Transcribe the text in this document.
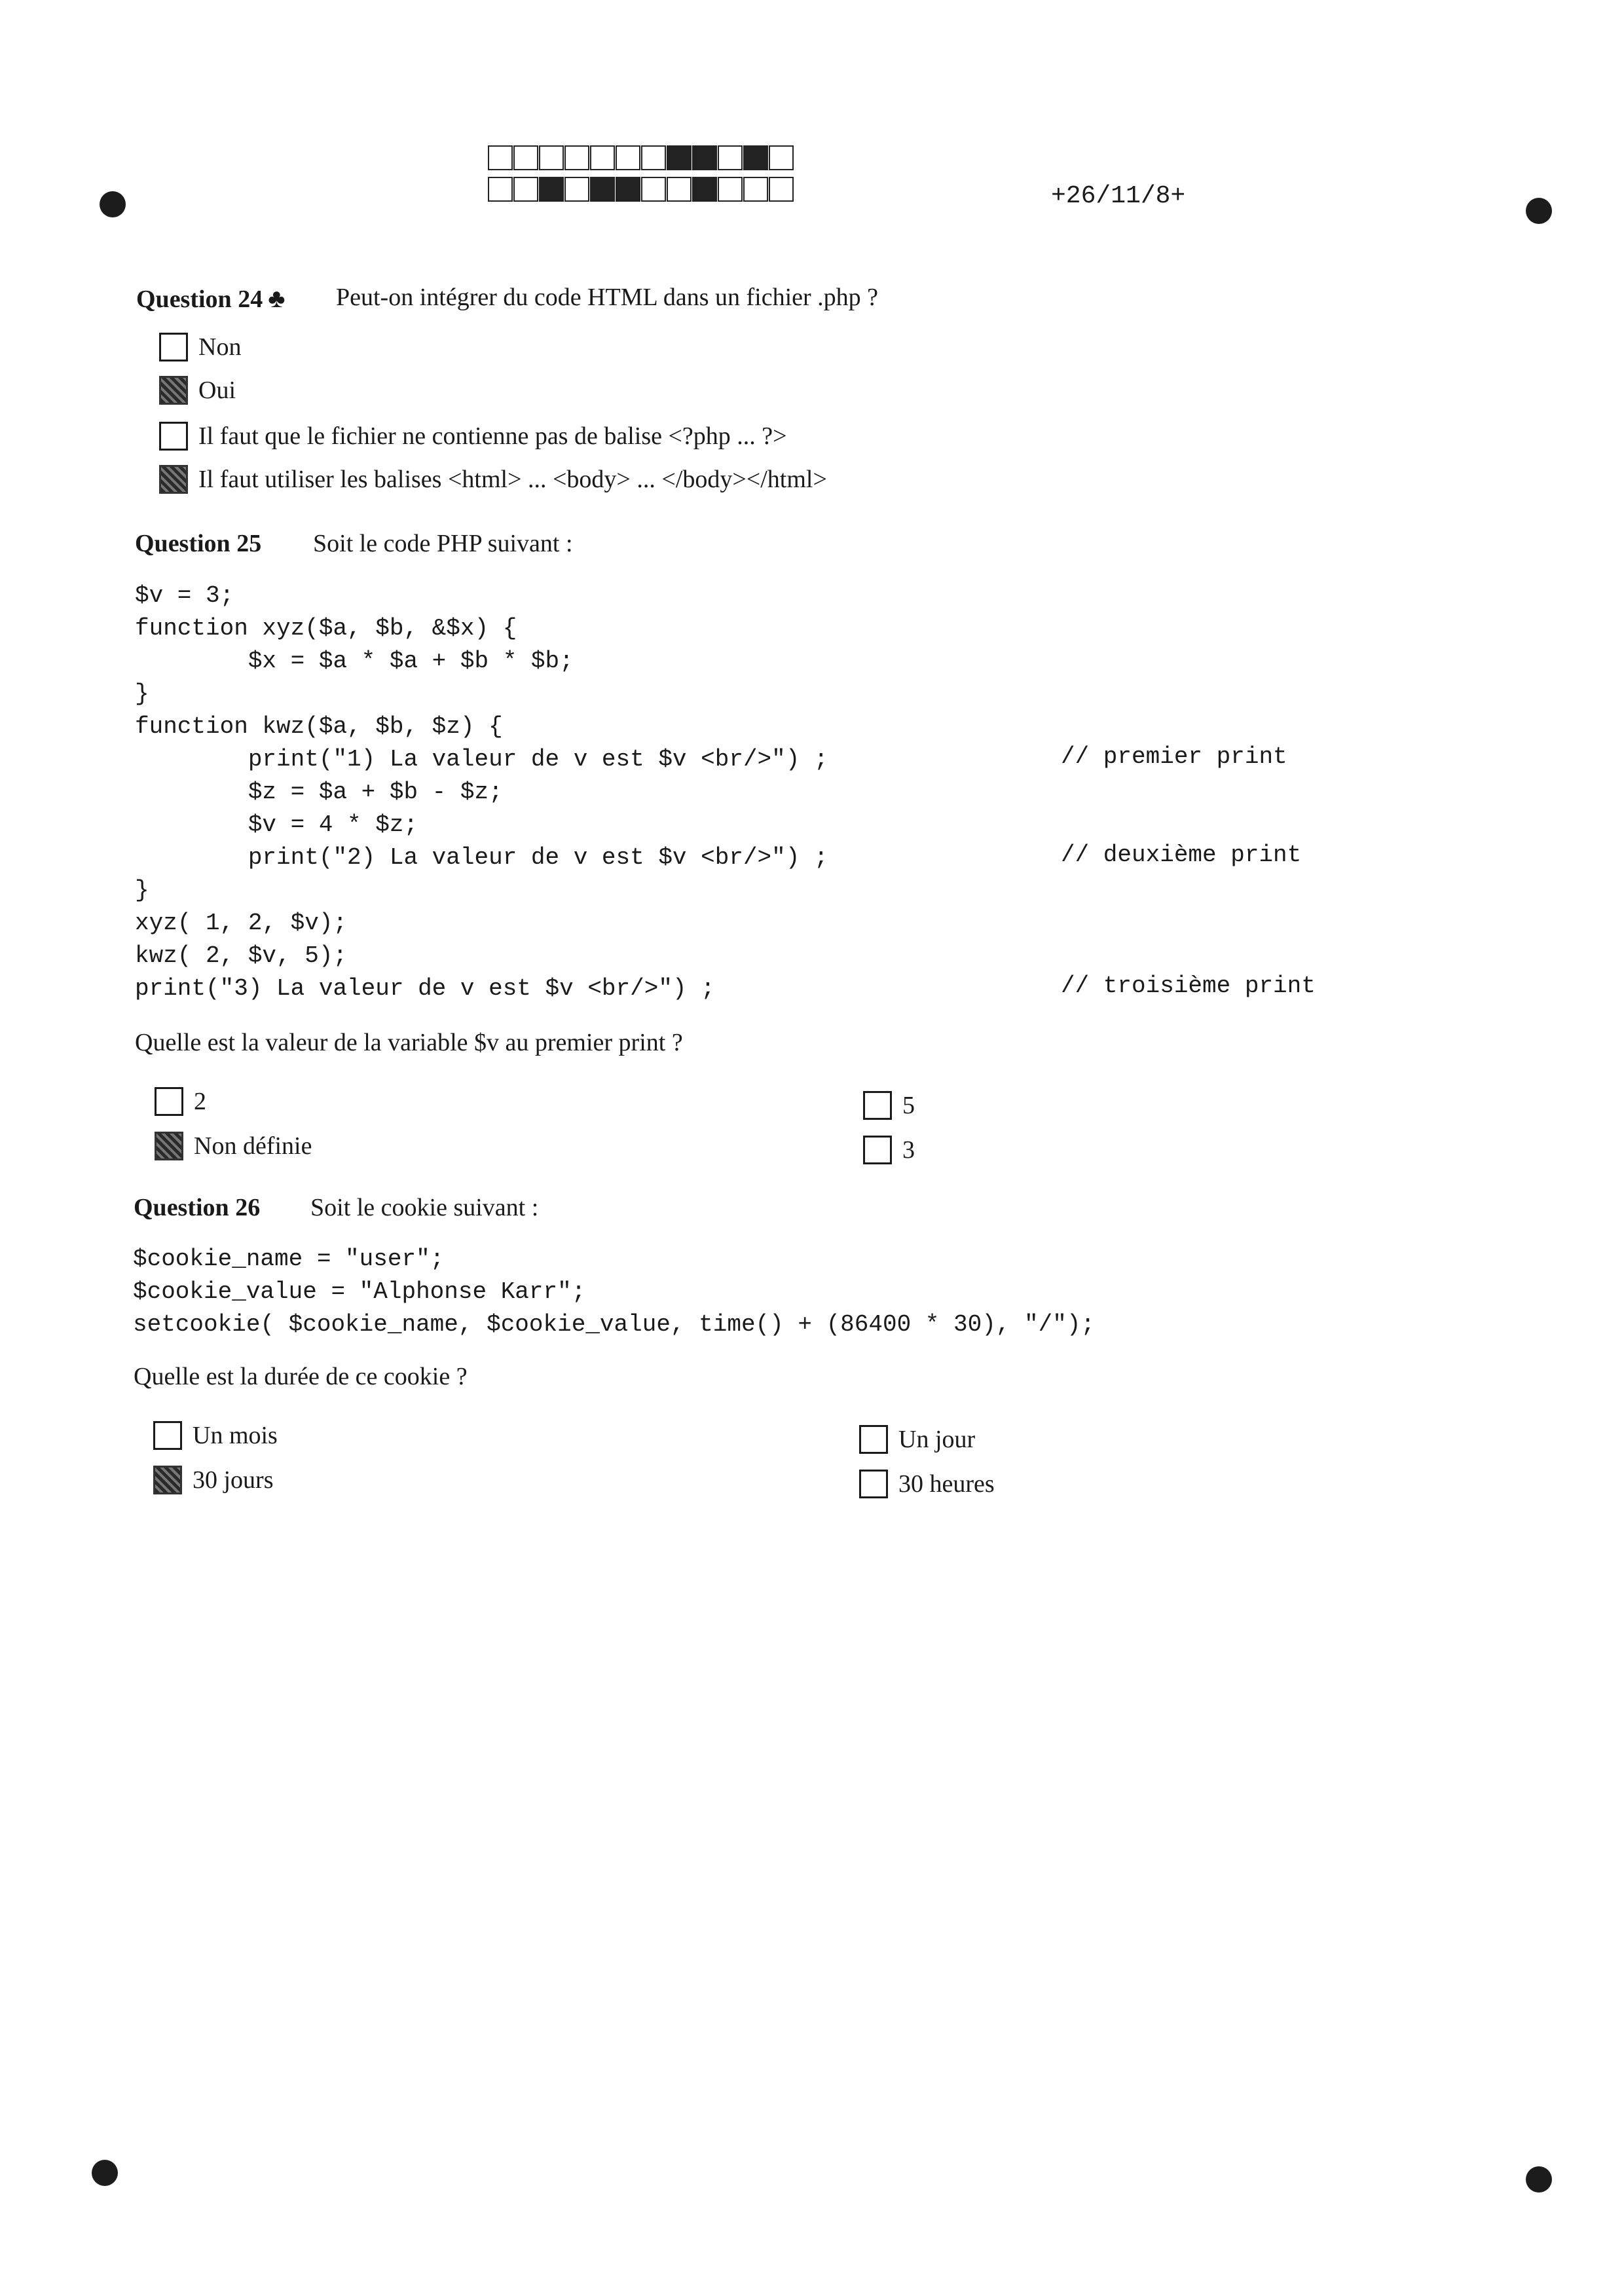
+26/11/8+
Question 24 ♣ Peut-on intégrer du code HTML dans un fichier .php ?
Non
Oui
Il faut que le fichier ne contienne pas de balise <?php ... ?>
Il faut utiliser les balises <html> ... <body> ... </body></html>
Question 25 Soit le code PHP suivant :
$v = 3;
function xyz($a, $b, &$x) {
$x = $a * $a + $b * $b;
}
function kwz($a, $b, $z) {
print("1) La valeur de v est $v <br/>") ;
$z = $a + $b - $z;
$v = 4 * $z;
print("2) La valeur de v est $v <br/>") ;
}
xyz( 1, 2, $v);
kwz( 2, $v, 5);
print("3) La valeur de v est $v <br/>") ;
// premier print
// deuxième print
// troisième print
Quelle est la valeur de la variable $v au premier print ?
2
Non définie
5
3
Question 26 Soit le cookie suivant :
$cookie_name = "user";
$cookie_value = "Alphonse Karr";
setcookie( $cookie_name, $cookie_value, time() + (86400 * 30), "/");
Quelle est la durée de ce cookie ?
Un mois
30 jours
Un jour
30 heures
